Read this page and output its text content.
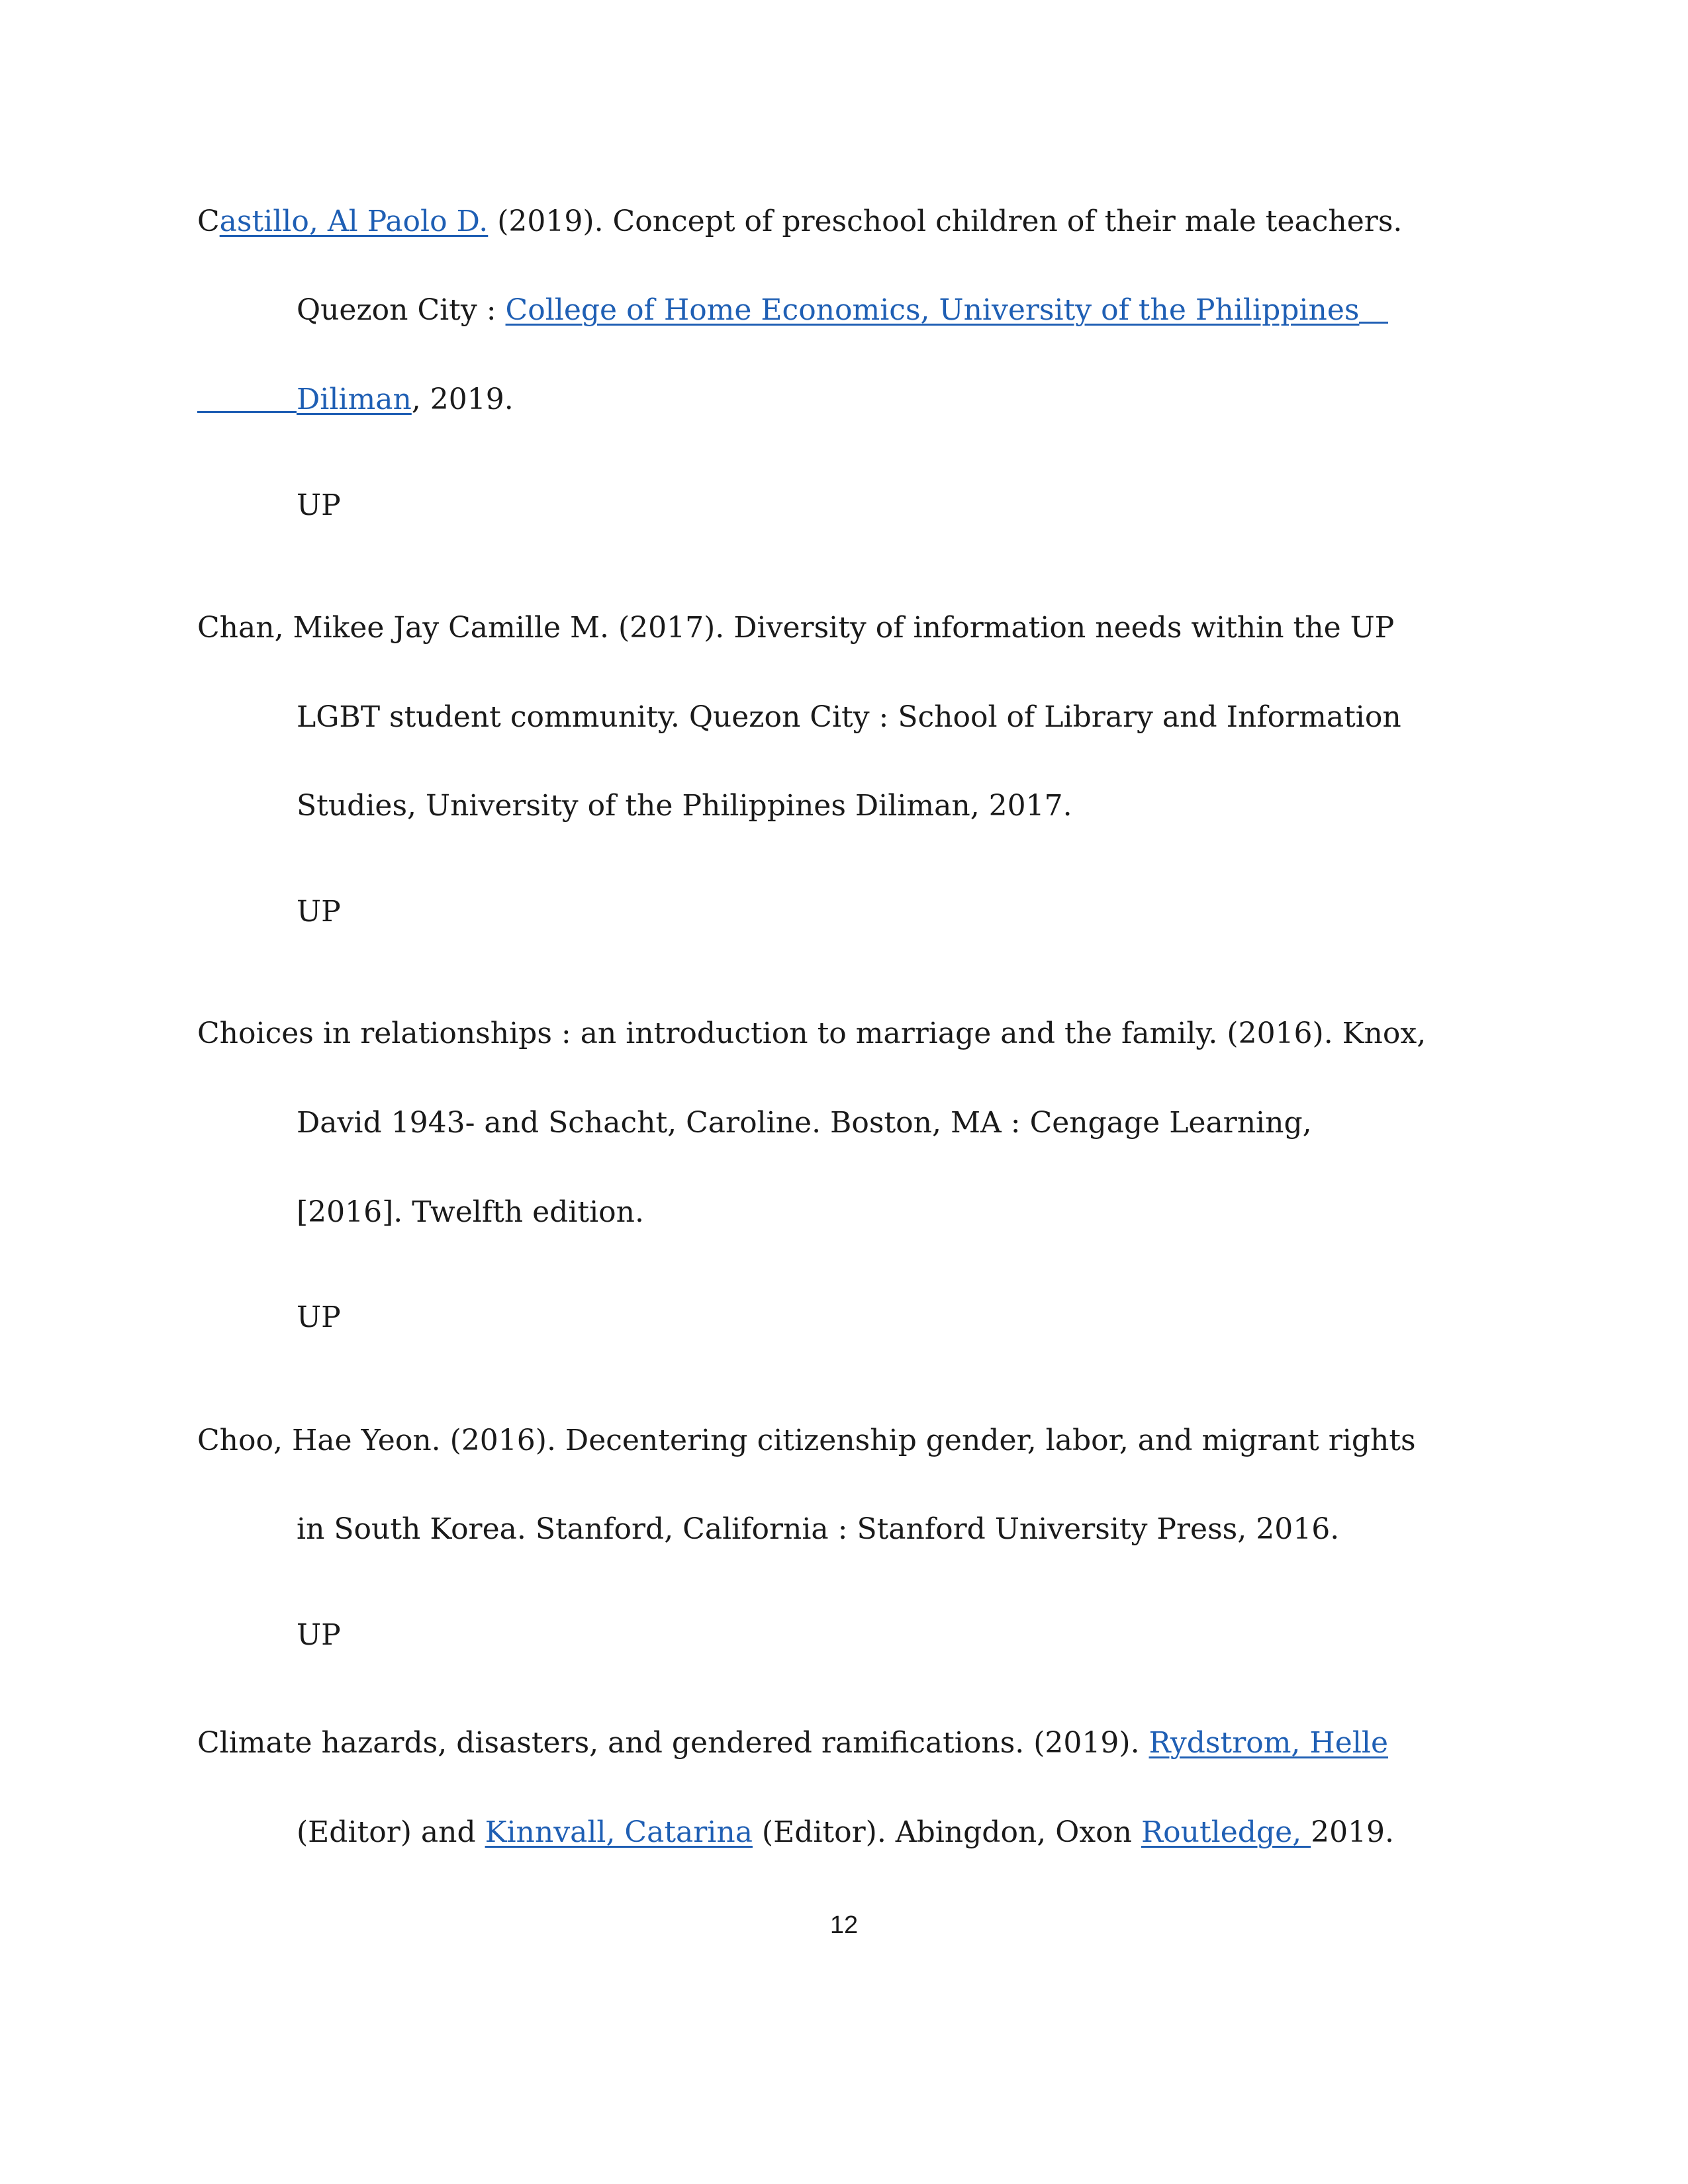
Castillo, Al Paolo D. (2019). Concept of preschool children of their male teachers.
Quezon City : College of Home Economics, University of the Philippines
Diliman, 2019.
UP
Chan, Mikee Jay Camille M. (2017). Diversity of information needs within the UP
LGBT student community. Quezon City : School of Library and Information
Studies, University of the Philippines Diliman, 2017.
UP
Choices in relationships : an introduction to marriage and the family. (2016). Knox,
David 1943- and Schacht, Caroline. Boston, MA : Cengage Learning,
[2016]. Twelfth edition.
UP
Choo, Hae Yeon. (2016). Decentering citizenship gender, labor, and migrant rights
in South Korea. Stanford, California : Stanford University Press, 2016.
UP
Climate hazards, disasters, and gendered ramifications. (2019). Rydstrom, Helle
(Editor) and Kinnvall, Catarina (Editor). Abingdon, Oxon Routledge, 2019.
12
